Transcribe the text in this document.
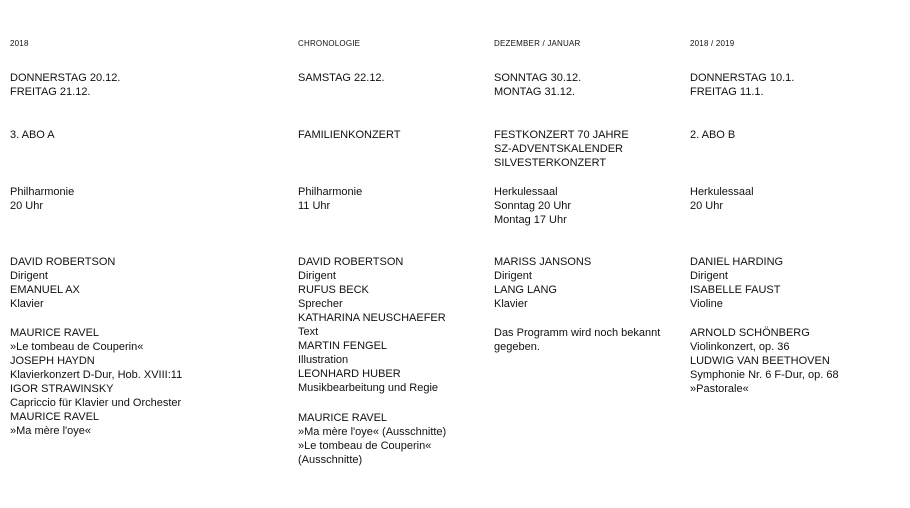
2018
DONNERSTAG 20.12.
FREITAG 21.12.
3. ABO A
Philharmonie
20 Uhr
DAVID ROBERTSON
Dirigent
EMANUEL AX
Klavier
MAURICE RAVEL
»Le tombeau de Couperin«
JOSEPH HAYDN
Klavierkonzert D-Dur, Hob. XVIII:11
IGOR STRAWINSKY
Capriccio für Klavier und Orchester
MAURICE RAVEL
»Ma mère l'oye«
CHRONOLOGIE
SAMSTAG 22.12.
FAMILIENKONZERT
Philharmonie
11 Uhr
DAVID ROBERTSON
Dirigent
RUFUS BECK
Sprecher
KATHARINA NEUSCHAEFER
Text
MARTIN FENGEL
Illustration
LEONHARD HUBER
Musikbearbeitung und Regie
MAURICE RAVEL
»Ma mère l'oye« (Ausschnitte)
»Le tombeau de Couperin«
(Ausschnitte)
DEZEMBER / JANUAR
SONNTAG 30.12.
MONTAG 31.12.
FESTKONZERT 70 JAHRE
SZ-ADVENTSKALENDER
SILVESTERKONZERT
Herkulessaal
Sonntag 20 Uhr
Montag 17 Uhr
MARISS JANSONS
Dirigent
LANG LANG
Klavier
Das Programm wird noch bekannt
gegeben.
2018 / 2019
DONNERSTAG 10.1.
FREITAG 11.1.
2. ABO B
Herkulessaal
20 Uhr
DANIEL HARDING
Dirigent
ISABELLE FAUST
Violine
ARNOLD SCHÖNBERG
Violinkonzert, op. 36
LUDWIG VAN BEETHOVEN
Symphonie Nr. 6 F-Dur, op. 68
»Pastorale«
